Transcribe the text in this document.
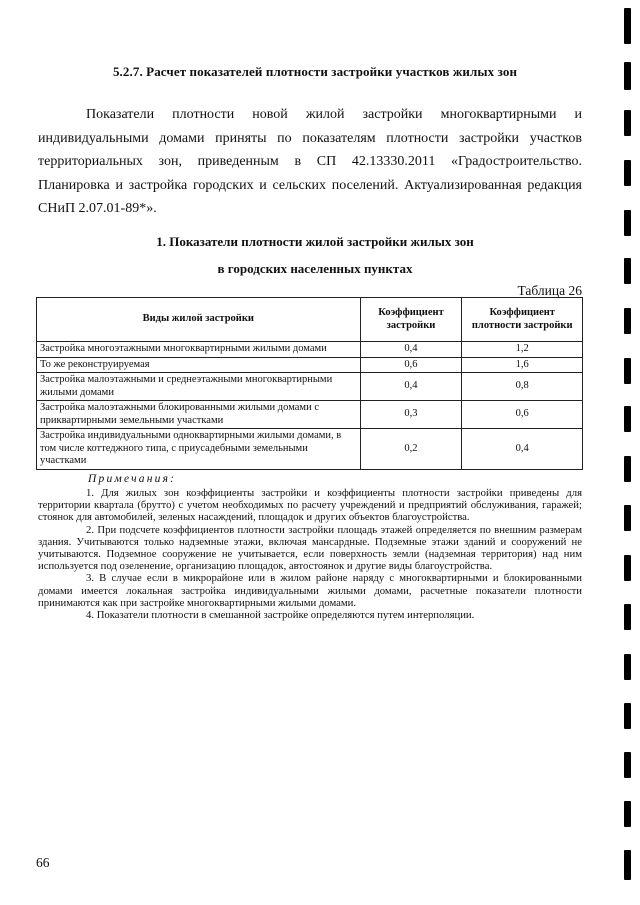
5.2.7. Расчет показателей плотности застройки участков жилых зон
Показатели плотности новой жилой застройки многоквартирными и индивидуальными домами приняты по показателям плотности застройки участков территориальных зон, приведенным в СП 42.13330.2011 «Градостроительство. Планировка и застройка городских и сельских поселений. Актуализированная редакция СНиП 2.07.01-89*».
1. Показатели плотности жилой застройки жилых зон
в городских населенных пунктах
Таблица 26
Виды жилой застройки	Коэффициент застройки	Коэффициент плотности застройки
Застройка многоэтажными многоквартирными жилыми домами	0,4	1,2
То же реконструируемая	0,6	1,6
Застройка малоэтажными и среднеэтажными многоквартирными жилыми домами	0,4	0,8
Застройка малоэтажными блокированными жилыми домами с приквартирными земельными участками	0,3	0,6
Застройка индивидуальными одноквартирными жилыми домами, в том числе коттеджного типа, с приусадебными земельными участками	0,2	0,4
Примечания:

1. Для жилых зон коэффициенты застройки и коэффициенты плотности застройки приведены для территории квартала (брутто) с учетом необходимых по расчету учреждений и предприятий обслуживания, гаражей; стоянок для автомобилей, зеленых насаждений, площадок и других объектов благоустройства.

2. При подсчете коэффициентов плотности застройки площадь этажей определяется по внешним размерам здания. Учитываются только надземные этажи, включая мансардные. Подземные этажи зданий и сооружений не учитываются. Подземное сооружение не учитывается, если поверхность земли (надземная территория) над ним используется под озеленение, организацию площадок, автостоянок и другие виды благоустройства.

3. В случае если в микрорайоне или в жилом районе наряду с многоквартирными и блокированными домами имеется локальная застройка индивидуальными жилыми домами, расчетные показатели плотности принимаются как при застройке многоквартирными жилыми домами.

4. Показатели плотности в смешанной застройке определяются путем интерполяции.

66
